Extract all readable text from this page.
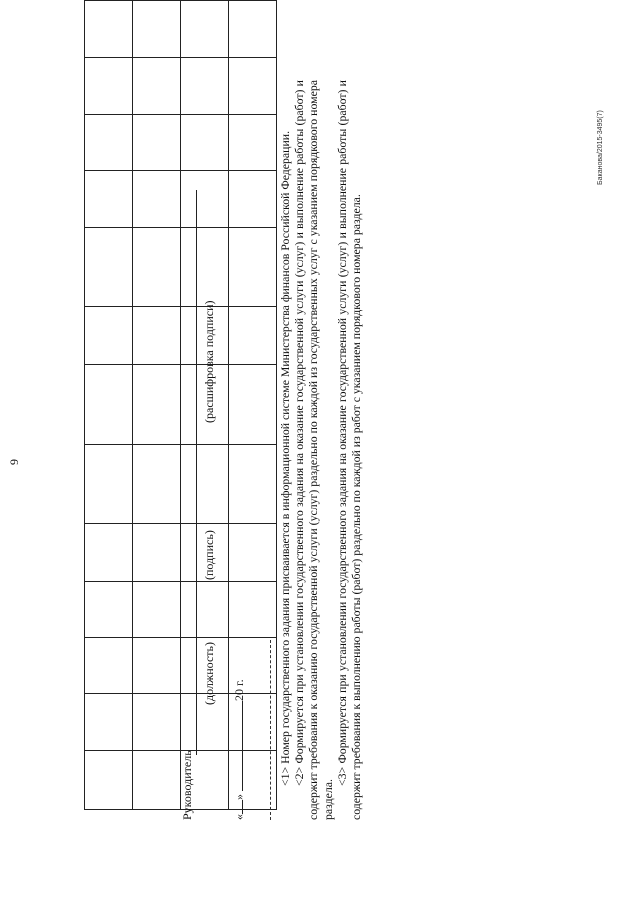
9

Руководитель
(должность)
(подпись)
(расшифровка подписи)
«» 20 г.	<1> Номер государственного задания присваивается в информационной системе Министерства финансов Российской Федерации. <2> Формируется при установлении государственного задания на оказание государственной услуги (услуг) и выполнение работы (работ) и содержит требования к оказанию государственной услуги (услуг) раздельно по каждой из государственных услуг с указанием порядкового номера раздела.

<3> Формируется при установлении государственного задания на оказание государственной услуги (услуг) и выполнение работы (работ) и содержит требования к выполнению работы (работ) раздельно по каждой из работ с указанием порядкового номера раздела.

Баканова/2015-3495(7)
